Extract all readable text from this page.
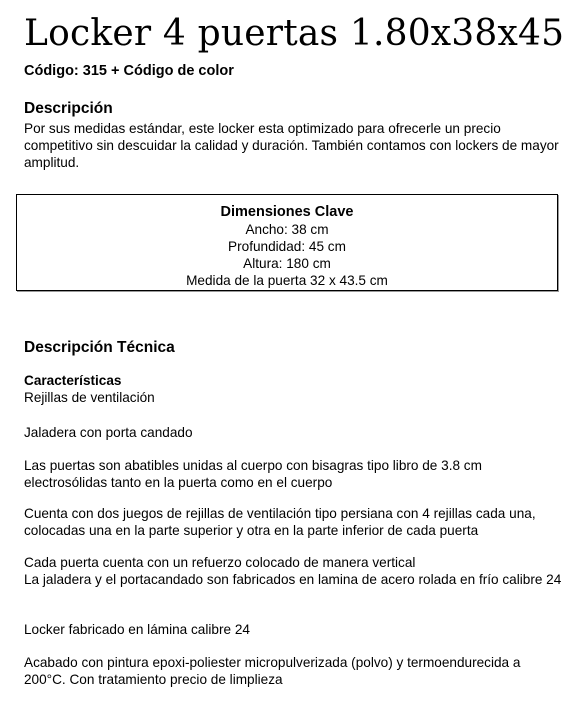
Locker 4 puertas 1.80x38x45
Código: 315 + Código de color
Descripción
Por sus medidas estándar, este locker esta optimizado para ofrecerle un precio competitivo sin descuidar la calidad y duración. También contamos con lockers de mayor amplitud.
Dimensiones Clave
Ancho: 38 cm
Profundidad: 45 cm
Altura: 180 cm
Medida de la puerta 32 x 43.5 cm
Descripción Técnica
Características
Rejillas de ventilación
Jaladera con porta candado
Las puertas son abatibles unidas al cuerpo con bisagras tipo libro de 3.8 cm electrosólidas tanto en la puerta como en el cuerpo
Cuenta con dos juegos de rejillas de ventilación tipo persiana con 4 rejillas cada una, colocadas una en la parte superior y otra en la parte inferior de cada puerta
Cada puerta cuenta con un refuerzo colocado de manera vertical
La jaladera y el portacandado son fabricados en lamina de acero rolada en frío calibre 24
Locker fabricado en lámina calibre 24
Acabado con pintura epoxi-poliester micropulverizada (polvo) y termoendurecida a 200°C. Con tratamiento precio de limplieza
